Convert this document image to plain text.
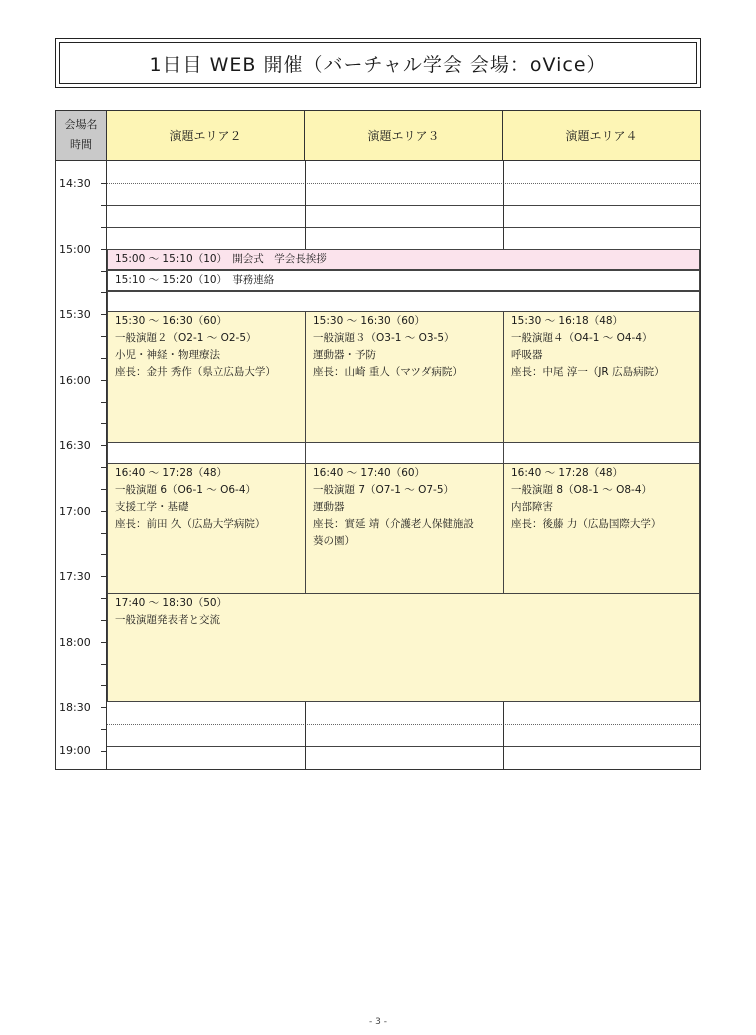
1日目 WEB 開催（バーチャル学会 会場：oVice）
会場名
時間
演題エリア２	演題エリア３	演題エリア４
14:30
15:00
15:30
16:00
16:30
17:00
17:30
18:00
18:30
19:00
15:00 ～ 15:10（10）　 開会式　学会長挨拶
15:10 ～ 15:20（10）　 事務連絡
15:30 ～ 16:30（60）
一般演題２（O2-1 ～ O2-5）
小児・神経・物理療法
座長：金井 秀作（県立広島大学）
15:30 ～ 16:30（60）
一般演題３（O3-1 ～ O3-5）
運動器・予防
座長：山崎 重人（マツダ病院）
15:30 ～ 16:18（48）
一般演題４（O4-1 ～ O4-4）
呼吸器
座長：中尾 淳一（JR 広島病院）
16:40 ～ 17:28（48）
一般演題 6（O6-1 ～ O6-4）
支援工学・基礎
座長：前田 久（広島大学病院）
16:40 ～ 17:40（60）
一般演題 7（O7-1 ～ O7-5）
運動器
座長：實延 靖（介護老人保健施設
葵の園）
16:40 ～ 17:28（48）
一般演題 8（O8-1 ～ O8-4）
内部障害
座長：後藤 力（広島国際大学）
17:40 ～ 18:30（50）
一般演題発表者と交流
- 3 -
